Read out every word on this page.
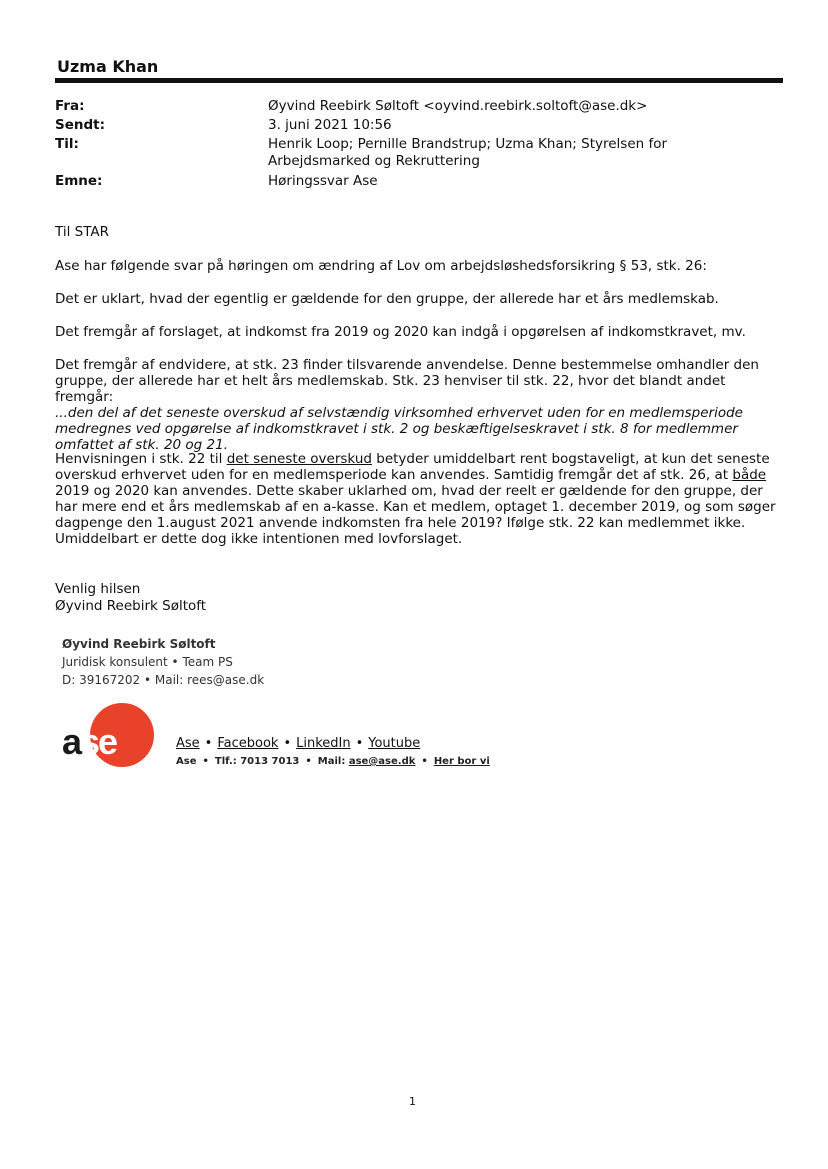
Uzma Khan
Fra:	Øyvind Reebirk Søltoft <oyvind.reebirk.soltoft@ase.dk>
Sendt:	3. juni 2021 10:56
Til:	Henrik Loop; Pernille Brandstrup; Uzma Khan; Styrelsen for Arbejdsmarked og Rekruttering
Emne:	Høringssvar Ase
Til STAR
Ase har følgende svar på høringen om ændring af Lov om arbejdsløshedsforsikring § 53, stk. 26:
Det er uklart, hvad der egentlig er gældende for den gruppe, der allerede har et års medlemskab.
Det fremgår af forslaget, at indkomst fra 2019 og 2020 kan indgå i opgørelsen af indkomstkravet, mv.
Det fremgår af endvidere, at stk. 23 finder tilsvarende anvendelse. Denne bestemmelse omhandler den gruppe, der allerede har et helt års medlemskab. Stk. 23 henviser til stk. 22, hvor det blandt andet fremgår:
...den del af det seneste overskud af selvstændig virksomhed erhvervet uden for en medlemsperiode medregnes ved opgørelse af indkomstkravet i stk. 2 og beskæftigelseskravet i stk. 8 for medlemmer omfattet af stk. 20 og 21.
Henvisningen i stk. 22 til det seneste overskud betyder umiddelbart rent bogstaveligt, at kun det seneste overskud erhvervet uden for en medlemsperiode kan anvendes. Samtidig fremgår det af stk. 26, at både 2019 og 2020 kan anvendes. Dette skaber uklarhed om, hvad der reelt er gældende for den gruppe, der har mere end et års medlemskab af en a-kasse. Kan et medlem, optaget 1. december 2019, og som søger dagpenge den 1.august 2021 anvende indkomsten fra hele 2019? Ifølge stk. 22 kan medlemmet ikke. Umiddelbart er dette dog ikke intentionen med lovforslaget.
Venlig hilsen
Øyvind Reebirk Søltoft
Øyvind Reebirk Søltoft
Juridisk konsulent • Team PS
D: 39167202 • Mail: rees@ase.dk
ase	Ase • Facebook • LinkedIn • Youtube
Ase • Tlf.: 7013 7013 • Mail: ase@ase.dk • Her bor vi
1
